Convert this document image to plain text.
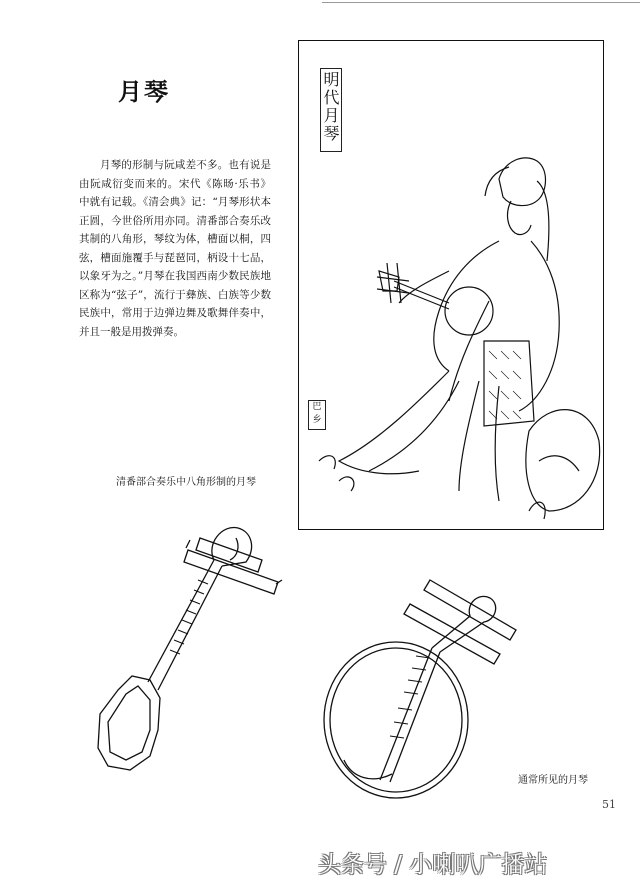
月琴
月琴的形制与阮咸差不多。也有说是由阮咸衍变而来的。宋代《陈旸·乐书》中就有记载。《清会典》记：“月琴形状本正圆，今世俗所用亦同。清番部合奏乐改其制的八角形，琴纹为体，槽面以桐，四弦，槽面施覆手与琵琶同，柄设十七品，以象牙为之。”月琴在我国西南少数民族地区称为“弦子”，流行于彝族、白族等少数民族中，常用于边弹边舞及歌舞伴奏中，并且一般是用拨弹奏。
明代月琴
巴乡
清番部合奏乐中八角形制的月琴
通常所见的月琴
51
头条号 / 小喇叭广播站
